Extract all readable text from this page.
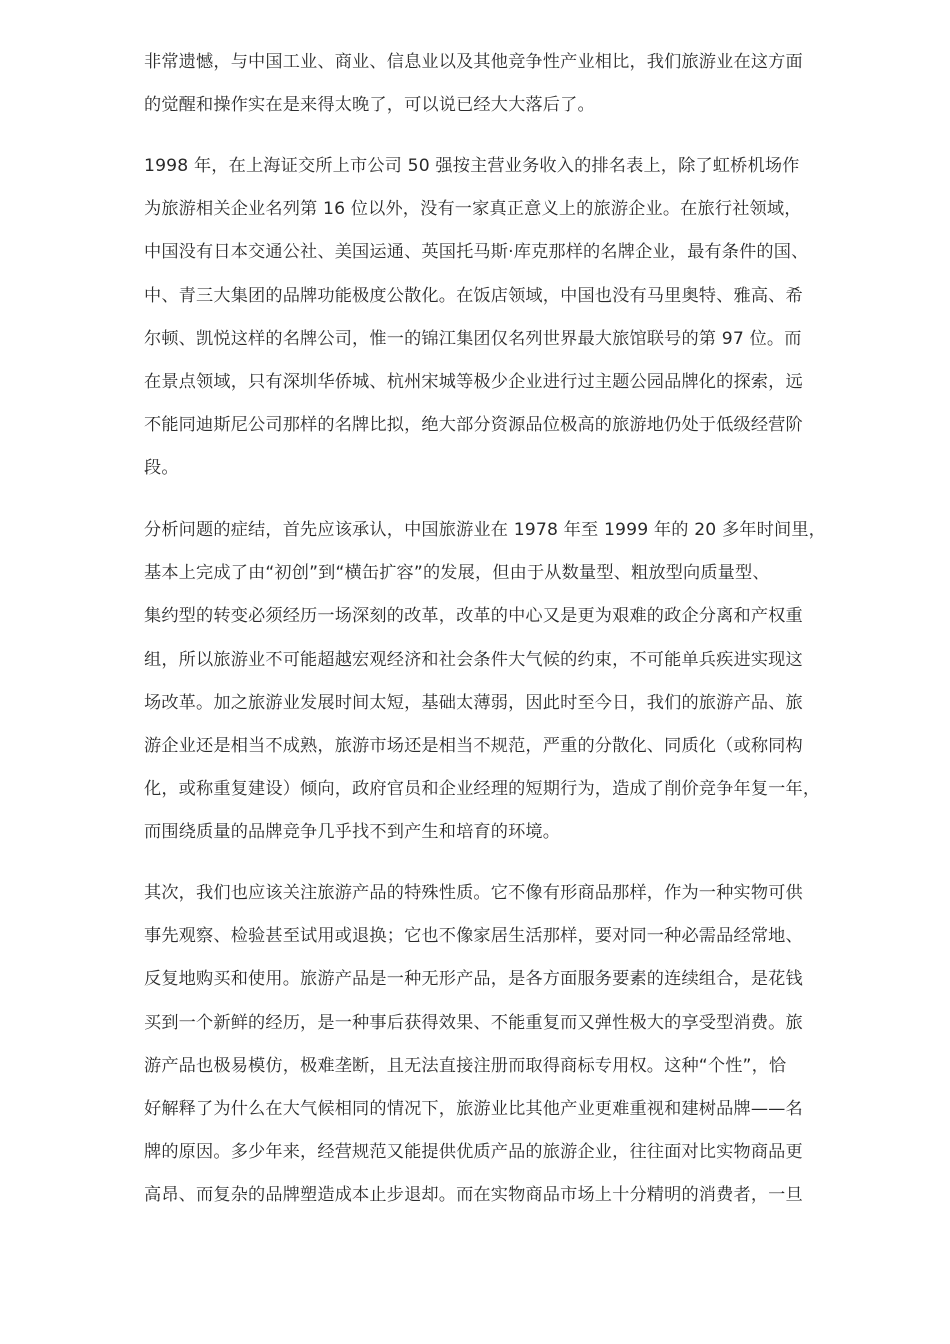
非常遗憾，与中国工业、商业、信息业以及其他竞争性产业相比，我们旅游业在这方面
的觉醒和操作实在是来得太晚了，可以说已经大大落后了。

1998 年，在上海证交所上市公司 50 强按主营业务收入的排名表上，除了虹桥机场作
为旅游相关企业名列第 16 位以外，没有一家真正意义上的旅游企业。在旅行社领域，
中国没有日本交通公社、美国运通、英国托马斯·库克那样的名牌企业，最有条件的国、
中、青三大集团的品牌功能极度公散化。在饭店领域，中国也没有马里奥特、雅高、希
尔顿、凯悦这样的名牌公司，惟一的锦江集团仅名列世界最大旅馆联号的第 97 位。而
在景点领域，只有深圳华侨城、杭州宋城等极少企业进行过主题公园品牌化的探索，远
不能同迪斯尼公司那样的名牌比拟，绝大部分资源品位极高的旅游地仍处于低级经营阶
段。

分析问题的症结，首先应该承认，中国旅游业在 1978 年至 1999 年的 20 多年时间里，
基本上完成了由“初创”到“横缶扩容”的发展，但由于从数量型、粗放型向质量型、
集约型的转变必须经历一场深刻的改革，改革的中心又是更为艰难的政企分离和产权重
组，所以旅游业不可能超越宏观经济和社会条件大气候的约束，不可能单兵疾进实现这
场改革。加之旅游业发展时间太短，基础太薄弱，因此时至今日，我们的旅游产品、旅
游企业还是相当不成熟，旅游市场还是相当不规范，严重的分散化、同质化（或称同构
化，或称重复建设）倾向，政府官员和企业经理的短期行为，造成了削价竞争年复一年，
而围绕质量的品牌竞争几乎找不到产生和培育的环境。

其次，我们也应该关注旅游产品的特殊性质。它不像有形商品那样，作为一种实物可供
事先观察、检验甚至试用或退换；它也不像家居生活那样，要对同一种必需品经常地、
反复地购买和使用。旅游产品是一种无形产品，是各方面服务要素的连续组合，是花钱
买到一个新鲜的经历，是一种事后获得效果、不能重复而又弹性极大的享受型消费。旅
游产品也极易模仿，极难垄断，且无法直接注册而取得商标专用权。这种“个性”，恰
好解释了为什么在大气候相同的情况下，旅游业比其他产业更难重视和建树品牌——名
牌的原因。多少年来，经营规范又能提供优质产品的旅游企业，往往面对比实物商品更
高昂、而复杂的品牌塑造成本止步退却。而在实物商品市场上十分精明的消费者，一旦
